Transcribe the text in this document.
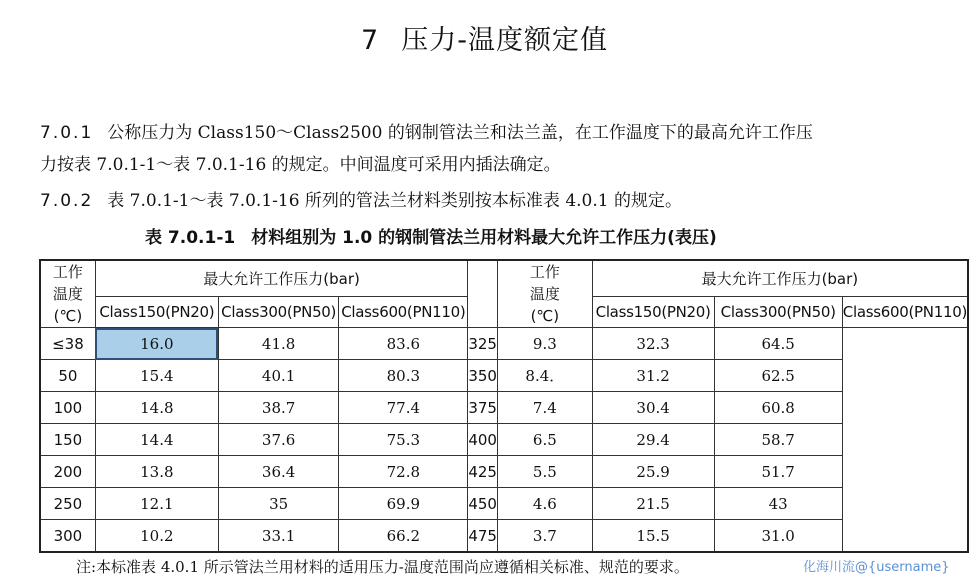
7 压力-温度额定值
7.0.1 公称压力为 Class150～Class2500 的钢制管法兰和法兰盖，在工作温度下的最高允许工作压
力按表 7.0.1-1～表 7.0.1-16 的规定。中间温度可采用内插法确定。
7.0.2 表 7.0.1-1～表 7.0.1-16 所列的管法兰材料类别按本标准表 4.0.1 的规定。
表 7.0.1-1 材料组别为 1.0 的钢制管法兰用材料最大允许工作压力(表压)
工作
温度
(℃)	最大允许工作压力(bar)				工作
温度
(℃)	最大允许工作压力(bar)		
	Class150(PN20)	Class300(PN50)	Class600(PN110)			Class150(PN20)	Class300(PN50)	Class600(PN110)
≤38	16.0	41.8	83.6	325	9.3	32.3	64.5	
50	15.4	40.1	80.3	350	8.4．	31.2	62.5	
100	14.8	38.7	77.4	375	7.4	30.4	60.8	
150	14.4	37.6	75.3	400	6.5	29.4	58.7	
200	13.8	36.4	72.8	425	5.5	25.9	51.7	
250	12.1	35	69.9	450	4.6	21.5	43	
300	10.2	33.1	66.2	475	3.7	15.5	31.0	
注:本标准表 4.0.1 所示管法兰用材料的适用压力-温度范围尚应遵循相关标准、规范的要求。	化海川流@{username}
